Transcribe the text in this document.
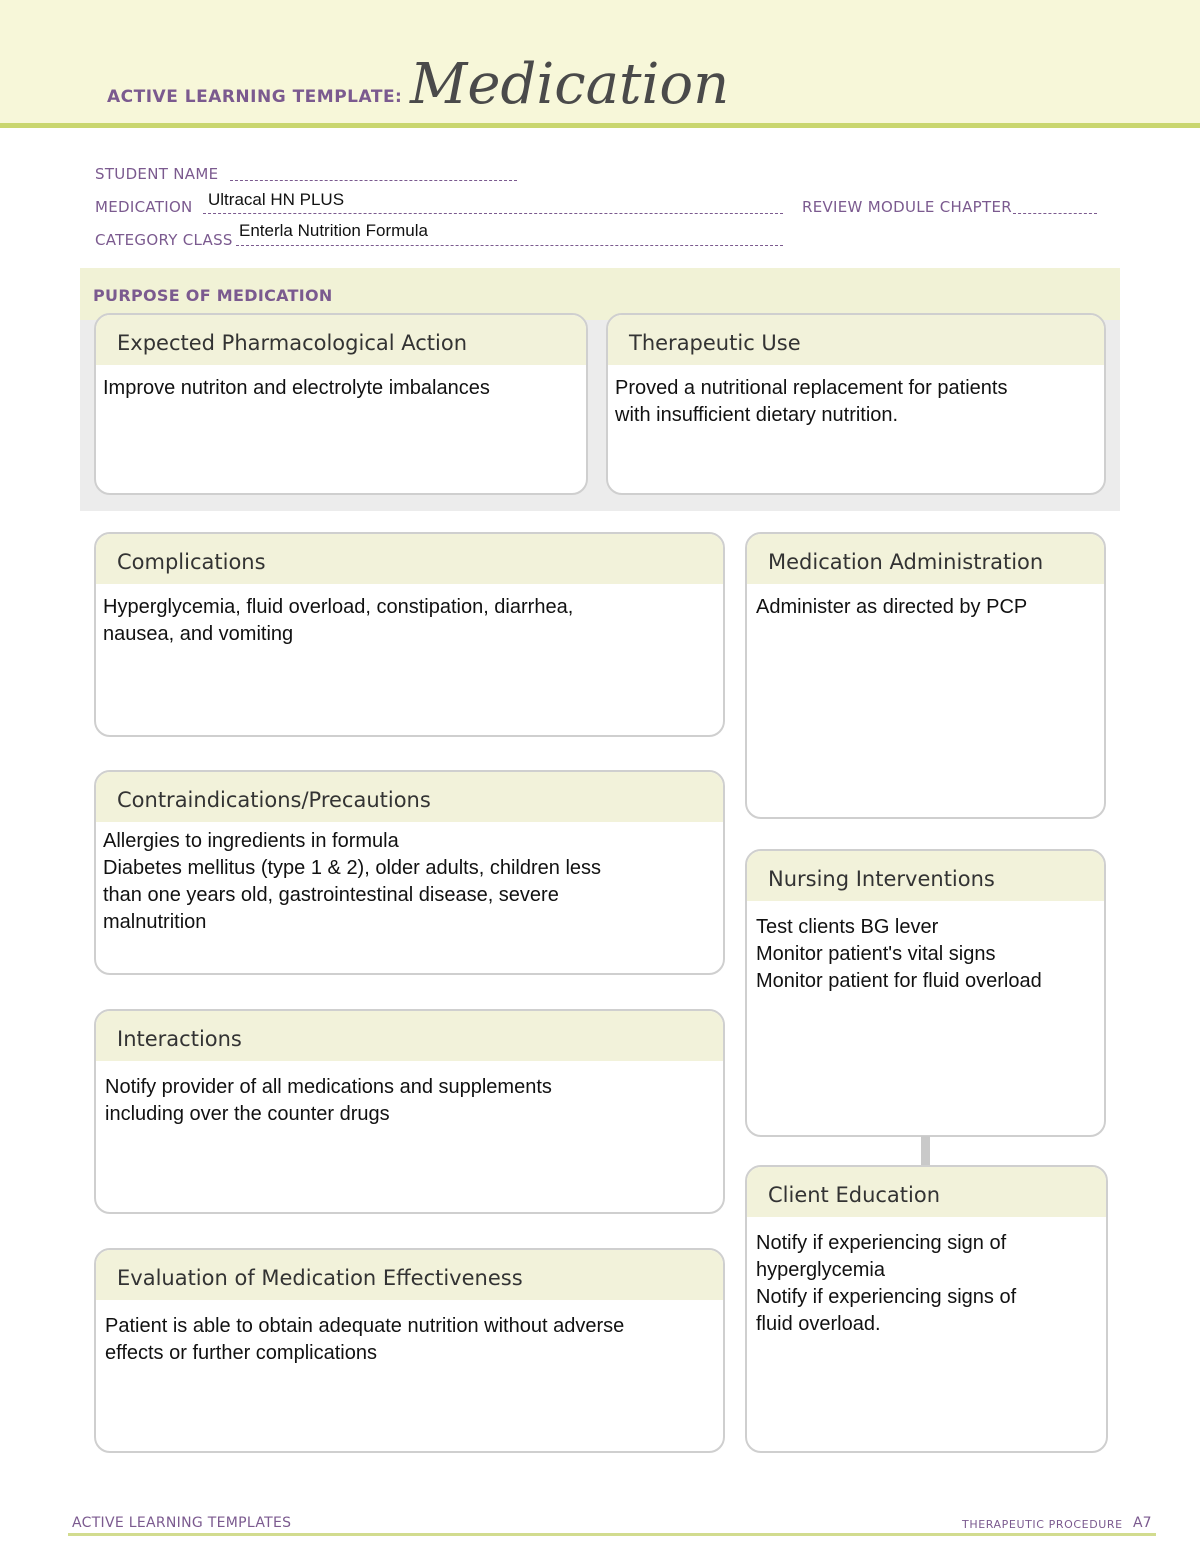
ACTIVE LEARNING TEMPLATE: Medication
STUDENT NAME
MEDICATION Ultracal HN PLUS	REVIEW MODULE CHAPTER
CATEGORY CLASS Enterla Nutrition Formula
PURPOSE OF MEDICATION
Expected Pharmacological Action
Improve nutriton and electrolyte imbalances
Therapeutic Use
Proved a nutritional replacement for patients
with insufficient dietary nutrition.
Complications
Hyperglycemia, fluid overload, constipation, diarrhea,
nausea, and vomiting
Medication Administration
Administer as directed by PCP
Contraindications/Precautions
Allergies to ingredients in formula
Diabetes mellitus (type 1 & 2), older adults, children less
than one years old, gastrointestinal disease, severe
malnutrition
Nursing Interventions
Test clients BG lever
Monitor patient's vital signs
Monitor patient for fluid overload
Interactions
Notify provider of all medications and supplements
including over the counter drugs
Client Education
Notify if experiencing sign of
hyperglycemia
Notify if experiencing signs of
fluid overload.
Evaluation of Medication Effectiveness
Patient is able to obtain adequate nutrition without adverse
effects or further complications
ACTIVE LEARNING TEMPLATES	THERAPEUTIC PROCEDURE A7
